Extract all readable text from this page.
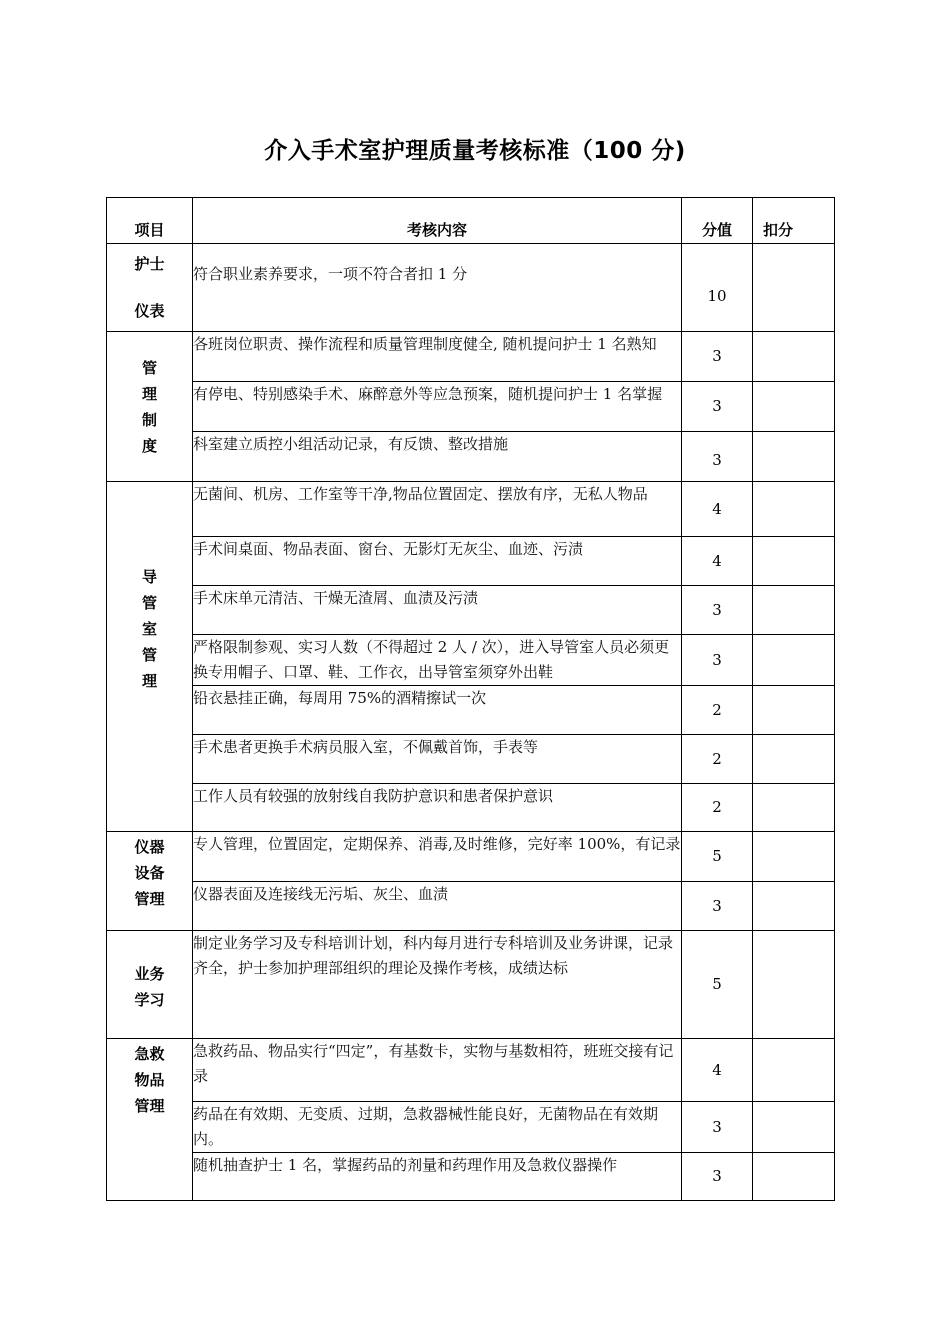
介入手术室护理质量考核标准（100 分)
项目	考核内容	分值	扣分

护士
仪表	符合职业素养要求，一项不符合者扣 1 分	10	

管
理
制
度	各班岗位职责、操作流程和质量管理制度健全, 随机提问护士 1 名熟知	3	
	有停电、特别感染手术、麻醉意外等应急预案，随机提问护士 1 名掌握	3	
	科室建立质控小组活动记录，有反馈、整改措施	3	

导
管
室
管
理	无菌间、机房、工作室等干净,物品位置固定、摆放有序，无私人物品	4	
	手术间桌面、物品表面、窗台、无影灯无灰尘、血迹、污渍	4	
	手术床单元清洁、干燥无渣屑、血渍及污渍	3	
	严格限制参观、实习人数（不得超过 2 人 / 次），进入导管室人员必须更换专用帽子、口罩、鞋、工作衣，出导管室须穿外出鞋	3	
	铅衣悬挂正确，每周用 75%的酒精擦试一次	2	
	手术患者更换手术病员服入室，不佩戴首饰，手表等	2	
	工作人员有较强的放射线自我防护意识和患者保护意识	2	

仪器
设备
管理	专人管理，位置固定，定期保养、消毒,及时维修，完好率 100%，有记录	5	
	仪器表面及连接线无污垢、灰尘、血渍	3	

业务
学习	制定业务学习及专科培训计划，科内每月进行专科培训及业务讲课，记录齐全，护士参加护理部组织的理论及操作考核，成绩达标	5	

急救
物品
管理	急救药品、物品实行“四定”，有基数卡，实物与基数相符，班班交接有记录	4	
	药品在有效期、无变质、过期，急救器械性能良好，无菌物品在有效期内。	3	
	随机抽查护士 1 名，掌握药品的剂量和药理作用及急救仪器操作	3	
